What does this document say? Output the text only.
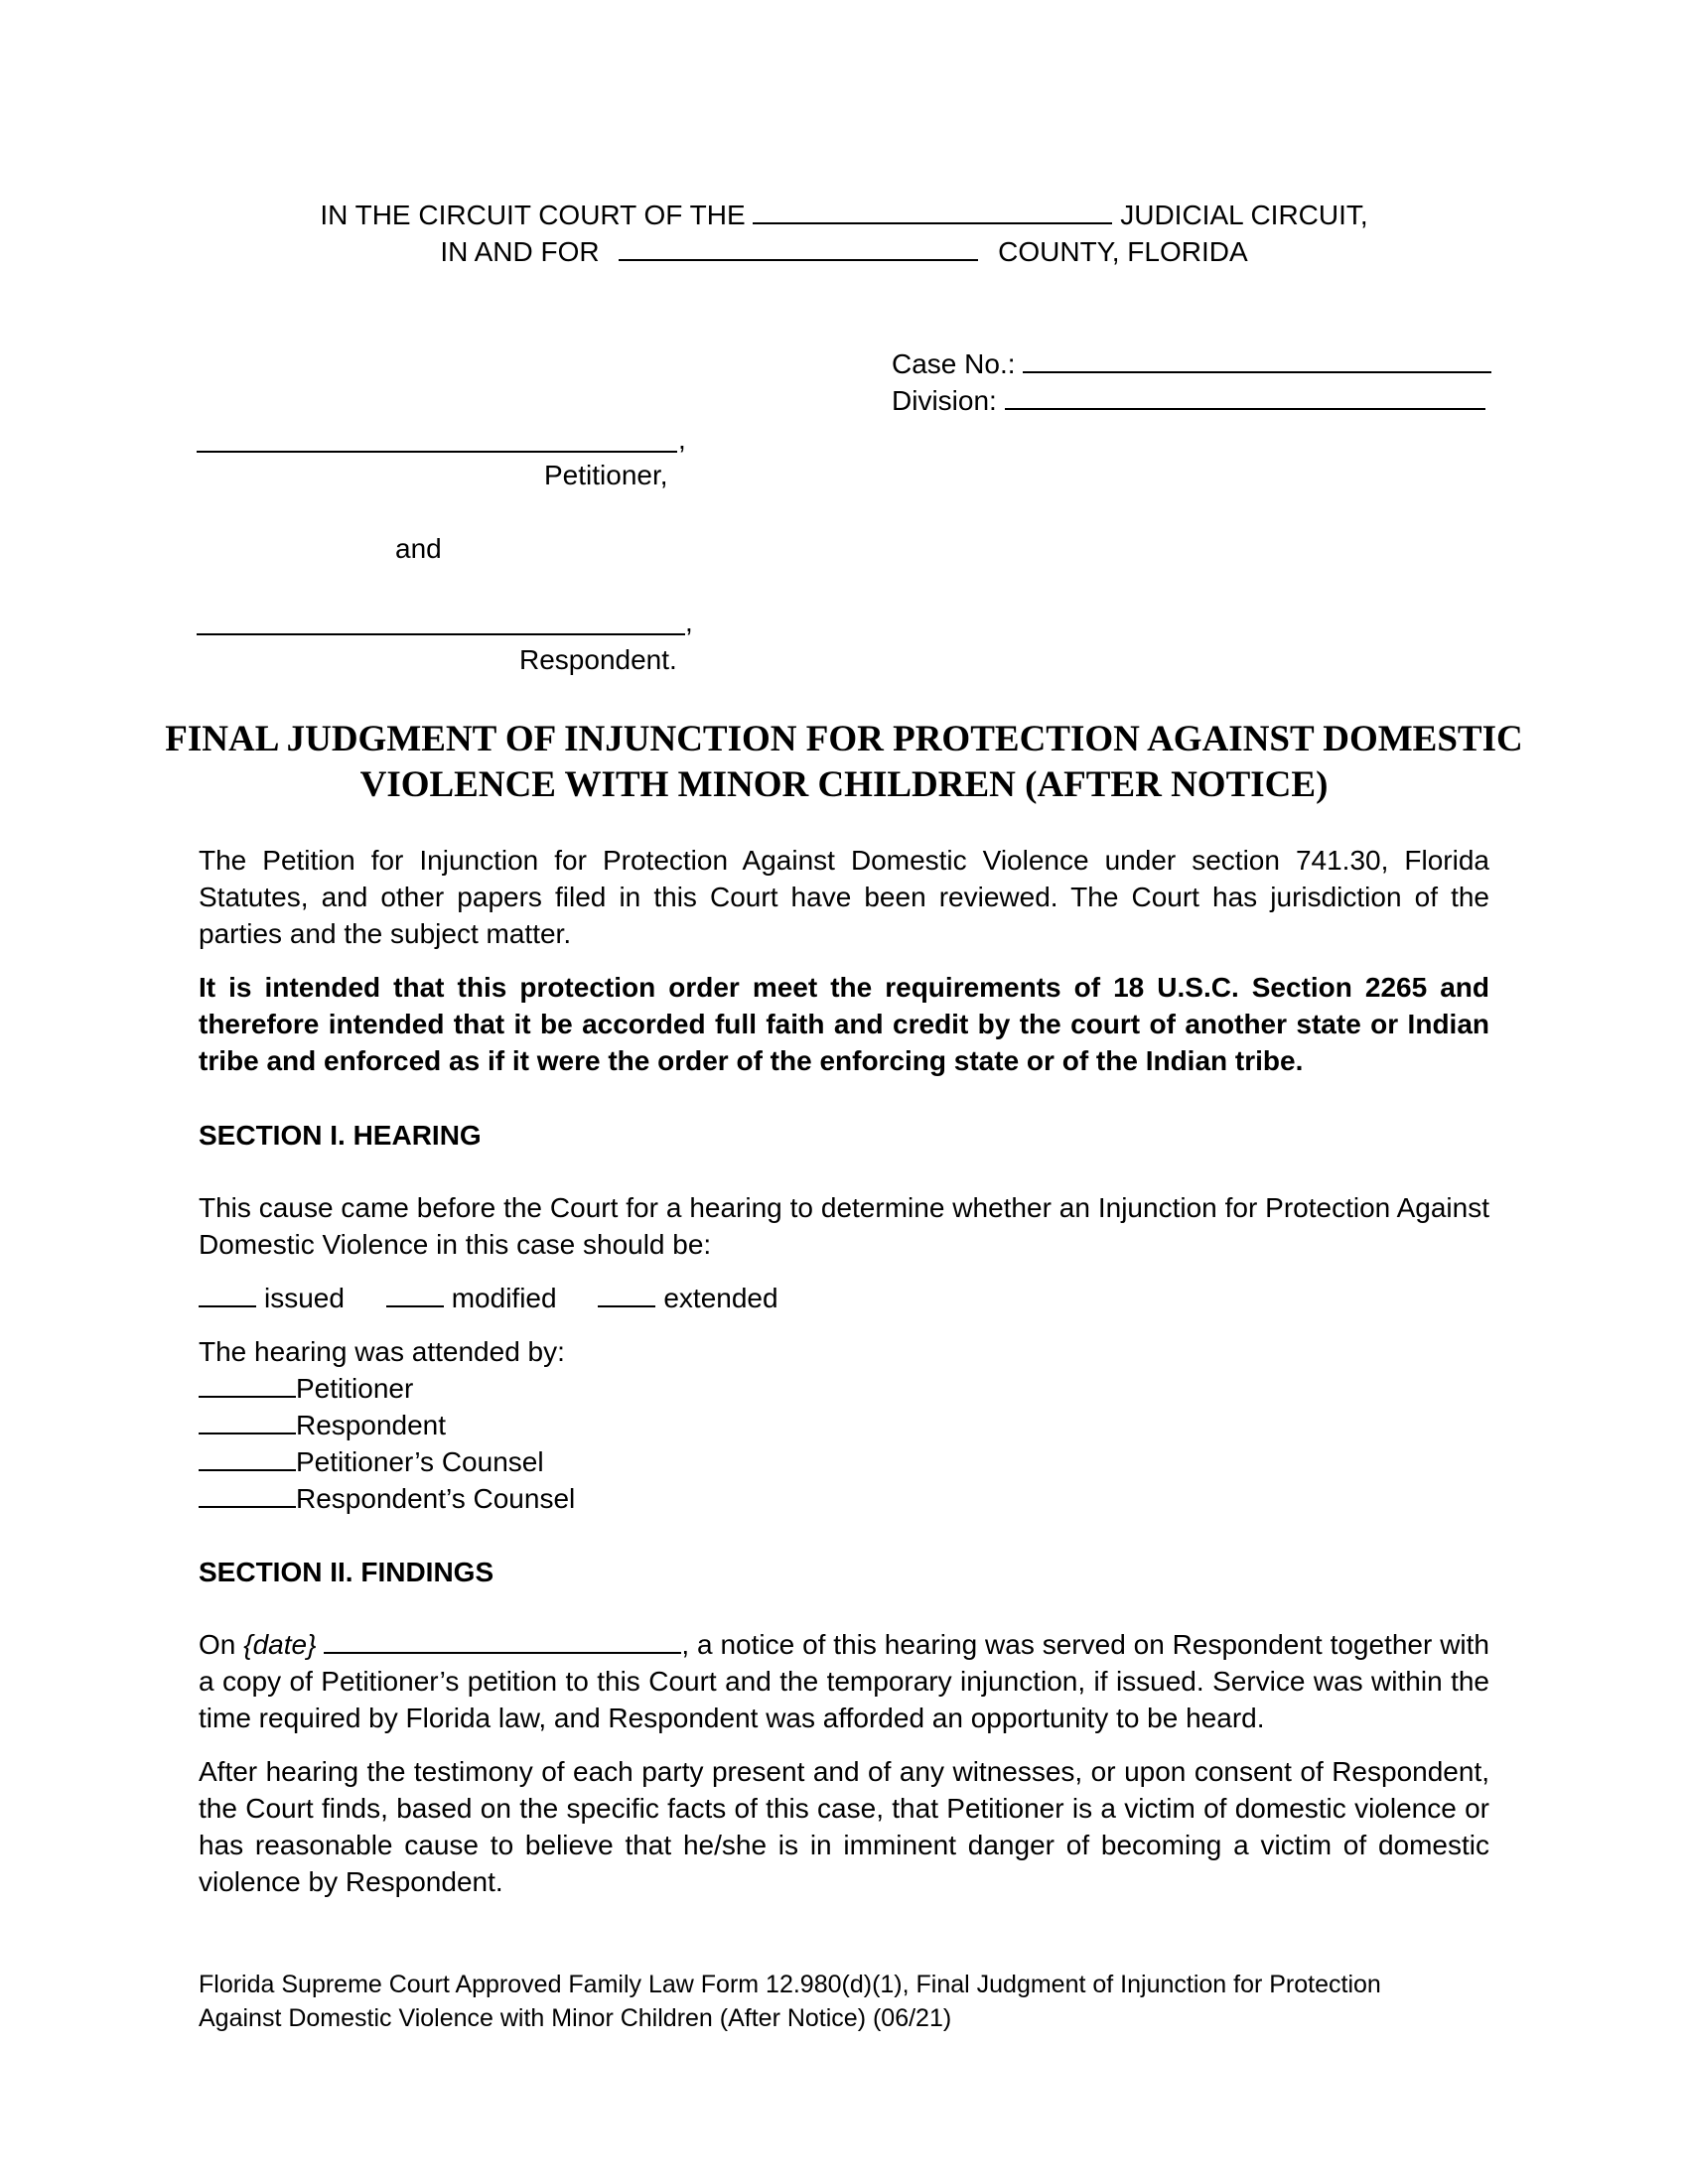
IN THE CIRCUIT COURT OF THE	JUDICIAL CIRCUIT,
IN AND FOR	COUNTY, FLORIDA
Case No.:
Division:
,
Petitioner,
and
,
Respondent.
FINAL JUDGMENT OF INJUNCTION FOR PROTECTION AGAINST DOMESTIC
VIOLENCE WITH MINOR CHILDREN (AFTER NOTICE)

The Petition for Injunction for Protection Against Domestic Violence under section 741.30, Florida Statutes, and other papers filed in this Court have been reviewed. The Court has jurisdiction of the parties and the subject matter.

It is intended that this protection order meet the requirements of 18 U.S.C. Section 2265 and therefore intended that it be accorded full faith and credit by the court of another state or Indian tribe and enforced as if it were the order of the enforcing state or of the Indian tribe.

SECTION I. HEARING

This cause came before the Court for a hearing to determine whether an Injunction for Protection Against Domestic Violence in this case should be:

issued	modified	extended
The hearing was attended by:
Petitioner
Respondent
Petitioner’s Counsel
Respondent’s Counsel
SECTION II. FINDINGS

On {date}	, a notice of this hearing was served on Respondent together with a copy of Petitioner’s petition to this Court and the temporary injunction, if issued. Service was within the time required by Florida law, and Respondent was afforded an opportunity to be heard.

After hearing the testimony of each party present and of any witnesses, or upon consent of Respondent, the Court finds, based on the specific facts of this case, that Petitioner is a victim of domestic violence or has reasonable cause to believe that he/she is in imminent danger of becoming a victim of domestic violence by Respondent.

Florida Supreme Court Approved Family Law Form 12.980(d)(1), Final Judgment of Injunction for Protection
Against Domestic Violence with Minor Children (After Notice) (06/21)
